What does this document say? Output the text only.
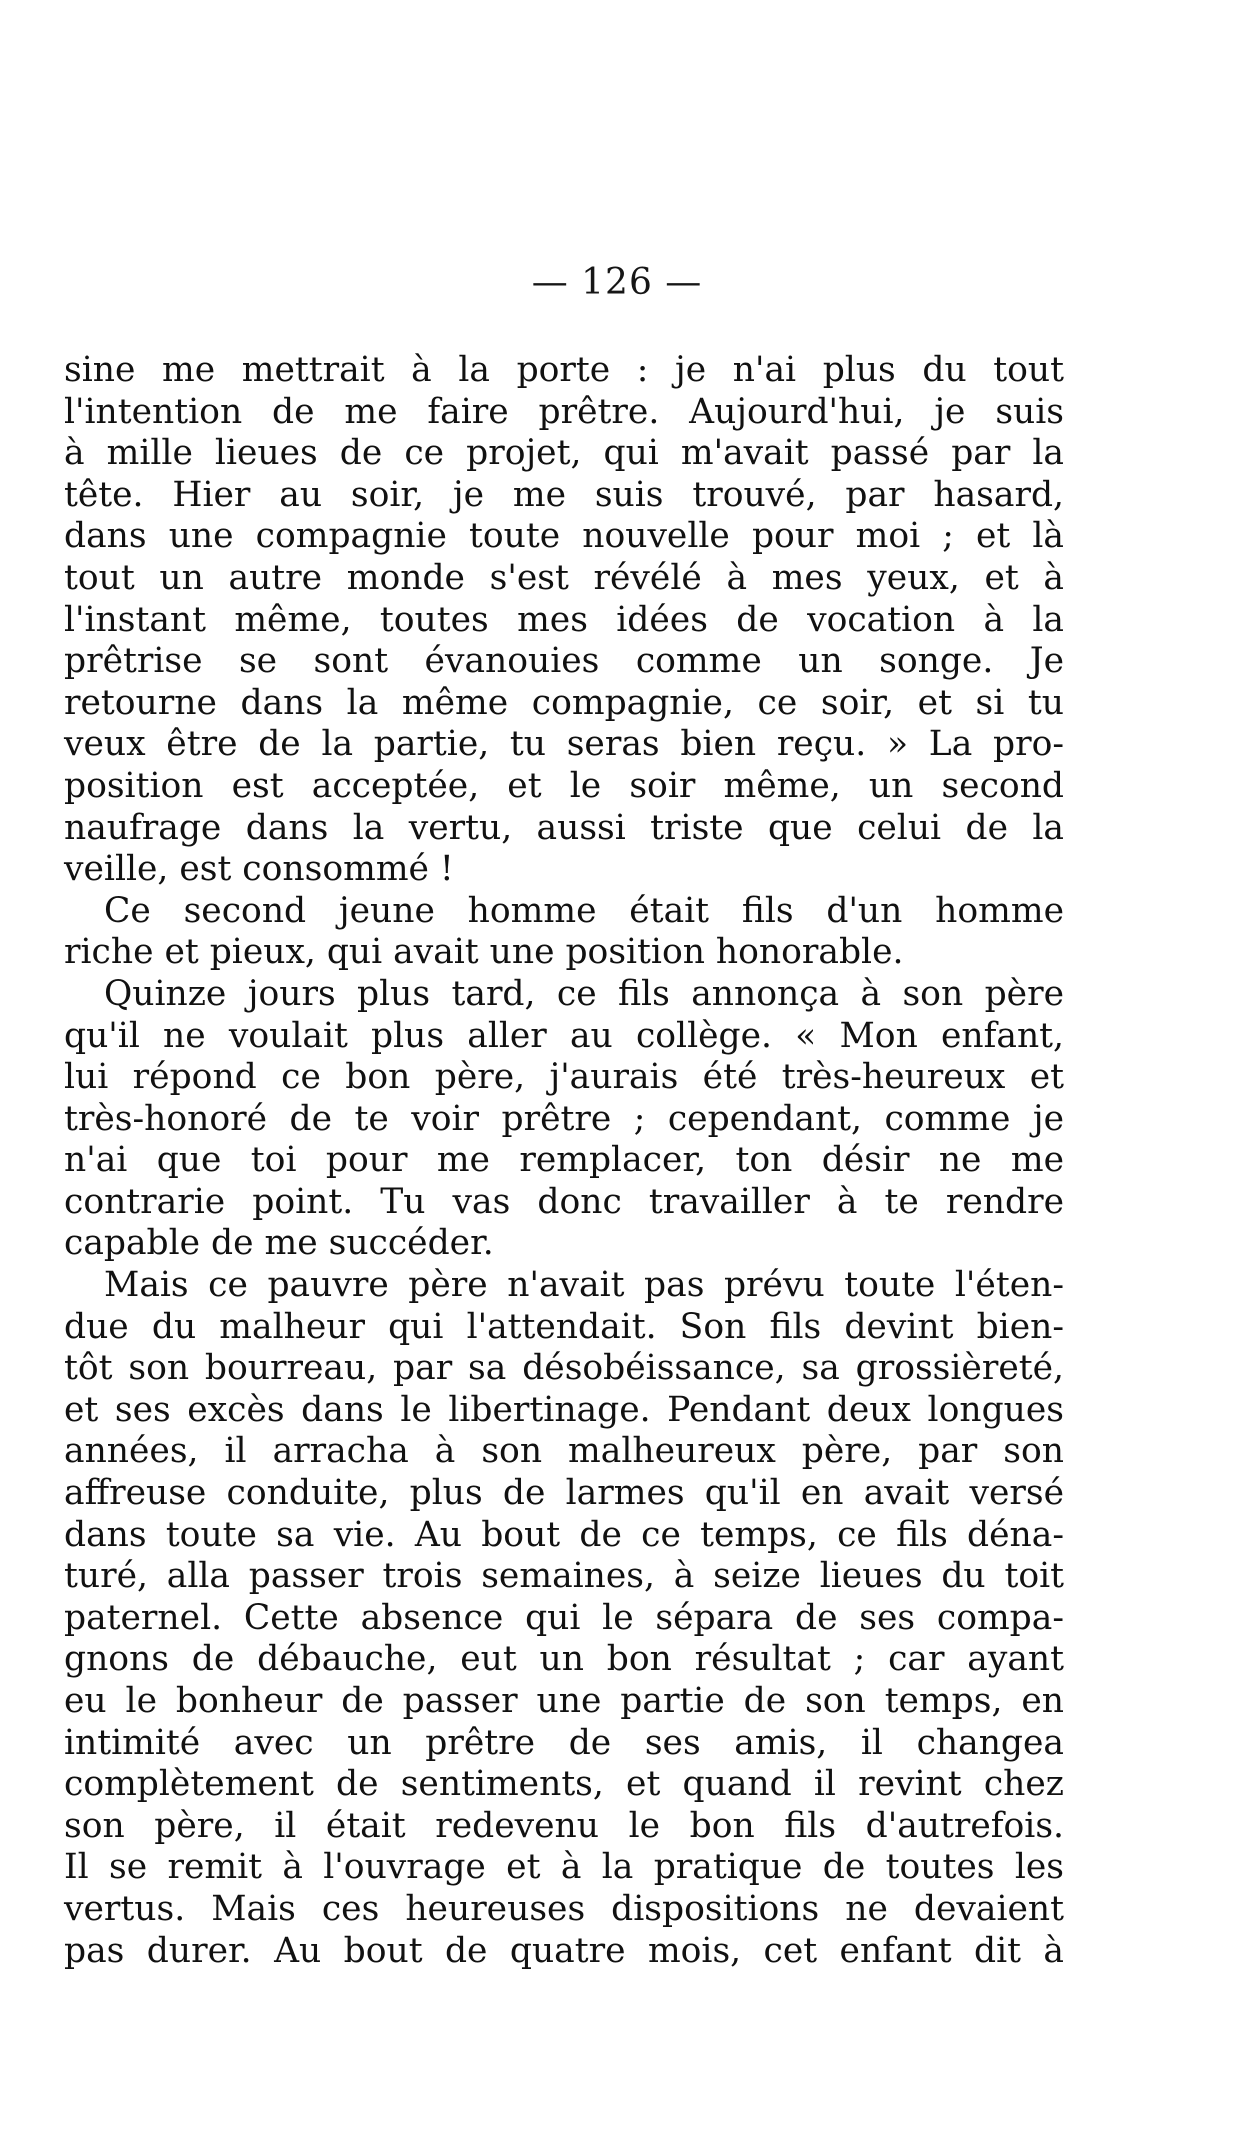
— 126 —
sine me mettrait à la porte : je n'ai plus du tout
l'intention de me faire prêtre. Aujourd'hui, je suis
à mille lieues de ce projet, qui m'avait passé par la
tête. Hier au soir, je me suis trouvé, par hasard,
dans une compagnie toute nouvelle pour moi ; et là
tout un autre monde s'est révélé à mes yeux, et à
l'instant même, toutes mes idées de vocation à la
prêtrise se sont évanouies comme un songe. Je
retourne dans la même compagnie, ce soir, et si tu
veux être de la partie, tu seras bien reçu. » La pro-
position est acceptée, et le soir même, un second
naufrage dans la vertu, aussi triste que celui de la
veille, est consommé !
Ce second jeune homme était fils d'un homme
riche et pieux, qui avait une position honorable.
Quinze jours plus tard, ce fils annonça à son père
qu'il ne voulait plus aller au collège. « Mon enfant,
lui répond ce bon père, j'aurais été très-heureux et
très-honoré de te voir prêtre ; cependant, comme je
n'ai que toi pour me remplacer, ton désir ne me
contrarie point. Tu vas donc travailler à te rendre
capable de me succéder.
Mais ce pauvre père n'avait pas prévu toute l'éten-
due du malheur qui l'attendait. Son fils devint bien-
tôt son bourreau, par sa désobéissance, sa grossièreté,
et ses excès dans le libertinage. Pendant deux longues
années, il arracha à son malheureux père, par son
affreuse conduite, plus de larmes qu'il en avait versé
dans toute sa vie. Au bout de ce temps, ce fils déna-
turé, alla passer trois semaines, à seize lieues du toit
paternel. Cette absence qui le sépara de ses compa-
gnons de débauche, eut un bon résultat ; car ayant
eu le bonheur de passer une partie de son temps, en
intimité avec un prêtre de ses amis, il changea
complètement de sentiments, et quand il revint chez
son père, il était redevenu le bon fils d'autrefois.
Il se remit à l'ouvrage et à la pratique de toutes les
vertus. Mais ces heureuses dispositions ne devaient
pas durer. Au bout de quatre mois, cet enfant dit à
